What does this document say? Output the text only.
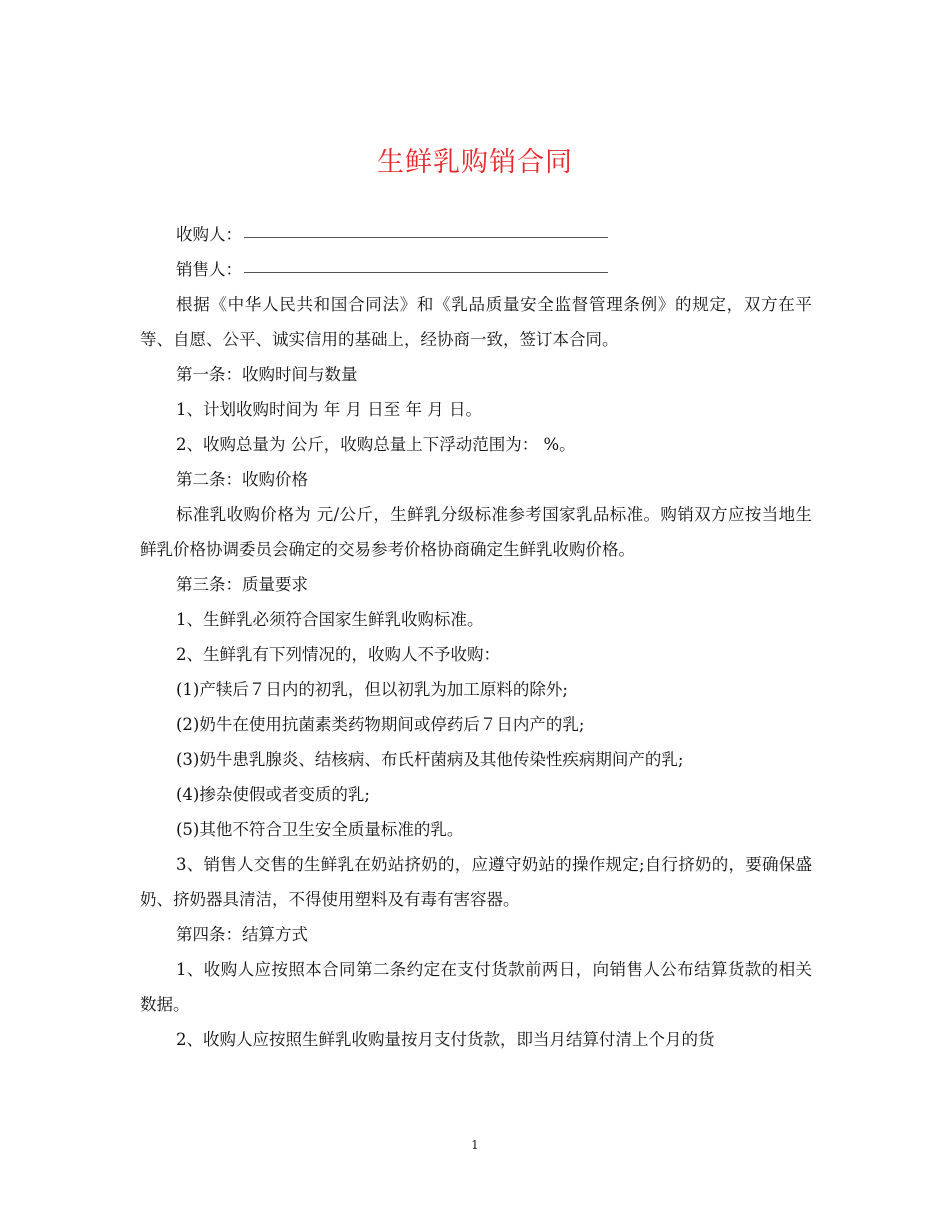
生鲜乳购销合同

收购人：

销售人：

根据《中华人民共和国合同法》和《乳品质量安全监督管理条例》的规定，双方在平等、自愿、公平、诚实信用的基础上，经协商一致，签订本合同。

第一条：收购时间与数量

1、计划收购时间为 年 月 日至 年 月 日。

2、收购总量为 公斤，收购总量上下浮动范围为： %。

第二条：收购价格

标准乳收购价格为 元/公斤，生鲜乳分级标准参考国家乳品标准。购销双方应按当地生鲜乳价格协调委员会确定的交易参考价格协商确定生鲜乳收购价格。

第三条：质量要求

1、生鲜乳必须符合国家生鲜乳收购标准。

2、生鲜乳有下列情况的，收购人不予收购：

(1)产犊后７日内的初乳，但以初乳为加工原料的除外;

(2)奶牛在使用抗菌素类药物期间或停药后７日内产的乳;

(3)奶牛患乳腺炎、结核病、布氏杆菌病及其他传染性疾病期间产的乳;

(4)掺杂使假或者变质的乳;

(5)其他不符合卫生安全质量标准的乳。

3、销售人交售的生鲜乳在奶站挤奶的，应遵守奶站的操作规定;自行挤奶的，要确保盛奶、挤奶器具清洁，不得使用塑料及有毒有害容器。

第四条：结算方式

1、收购人应按照本合同第二条约定在支付货款前两日，向销售人公布结算货款的相关数据。

2、收购人应按照生鲜乳收购量按月支付货款，即当月结算付清上个月的货

1
